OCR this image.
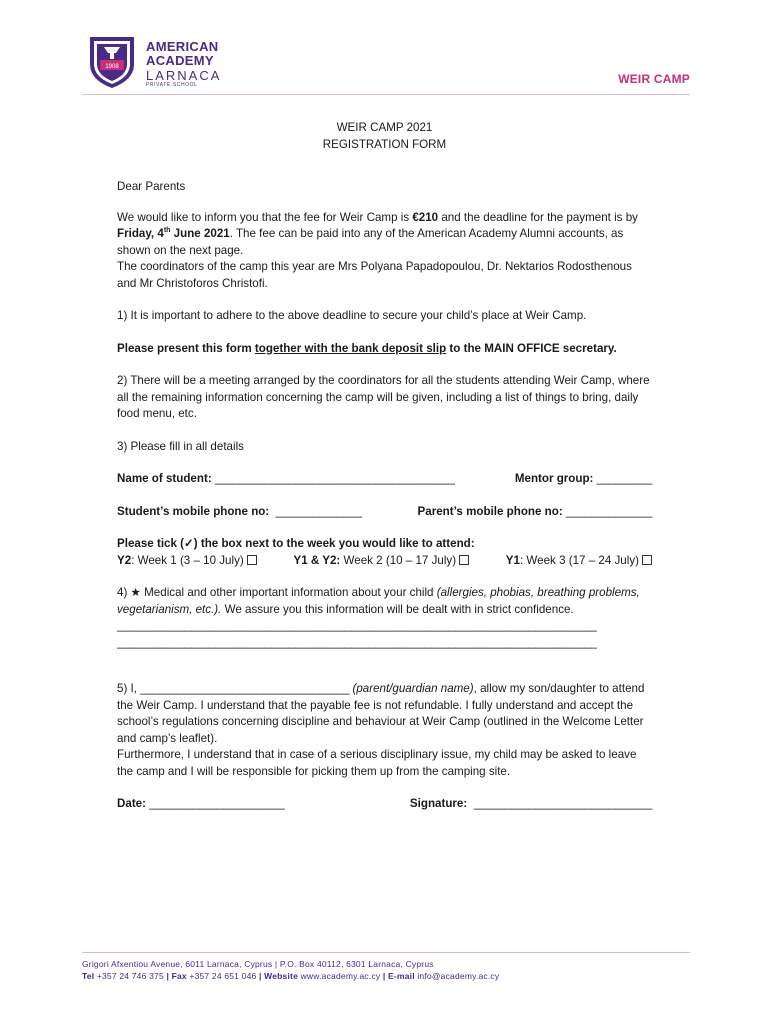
1908
AMERICAN
ACADEMY
LARNACA
PRIVATE SCHOOL	WEIR CAMP

WEIR CAMP 2021

REGISTRATION FORM

Dear Parents

We would like to inform you that the fee for Weir Camp is €210 and the deadline for the payment is by Friday, 4th June 2021. The fee can be paid into any of the American Academy Alumni accounts, as shown on the next page.

The coordinators of the camp this year are Mrs Polyana Papadopoulou, Dr. Nektarios Rodosthenous and Mr Christoforos Christofi.

1) It is important to adhere to the above deadline to secure your child’s place at Weir Camp.

Please present this form together with the bank deposit slip to the MAIN OFFICE secretary.

2) There will be a meeting arranged by the coordinators for all the students attending Weir Camp, where all the remaining information concerning the camp will be given, including a list of things to bring, daily food menu, etc.

3) Please fill in all details

Name of student: _______________________________________	Mentor group: _________
Student’s mobile phone no: ______________	Parent’s mobile phone no: ______________

Please tick (✓) the box next to the week you would like to attend:

Y2: Week 1 (3 – 10 July)	Y1 & Y2: Week 2 (10 – 17 July)	Y1: Week 3 (17 – 24 July)

4) ★ Medical and other important information about your child (allergies, phobias, breathing problems, vegetarianism, etc.). We assure you this information will be dealt with in strict confidence.

______________________________________________________________________________
______________________________________________________________________________

5) I, __________________________________ (parent/guardian name), allow my son/daughter to attend

the Weir Camp. I understand that the payable fee is not refundable. I fully understand and accept the school’s regulations concerning discipline and behaviour at Weir Camp (outlined in the Welcome Letter and camp’s leaflet).

Furthermore, I understand that in case of a serious disciplinary issue, my child may be asked to leave the camp and I will be responsible for picking them up from the camping site.

Date: ______________________	Signature: _____________________________
Grigori Afxentiou Avenue, 6011 Larnaca, Cyprus | P.O. Box 40112, 6301 Larnaca, Cyprus
Tel +357 24 746 375 | Fax +357 24 651 046 | Website www.academy.ac.cy | E-mail info@academy.ac.cy
